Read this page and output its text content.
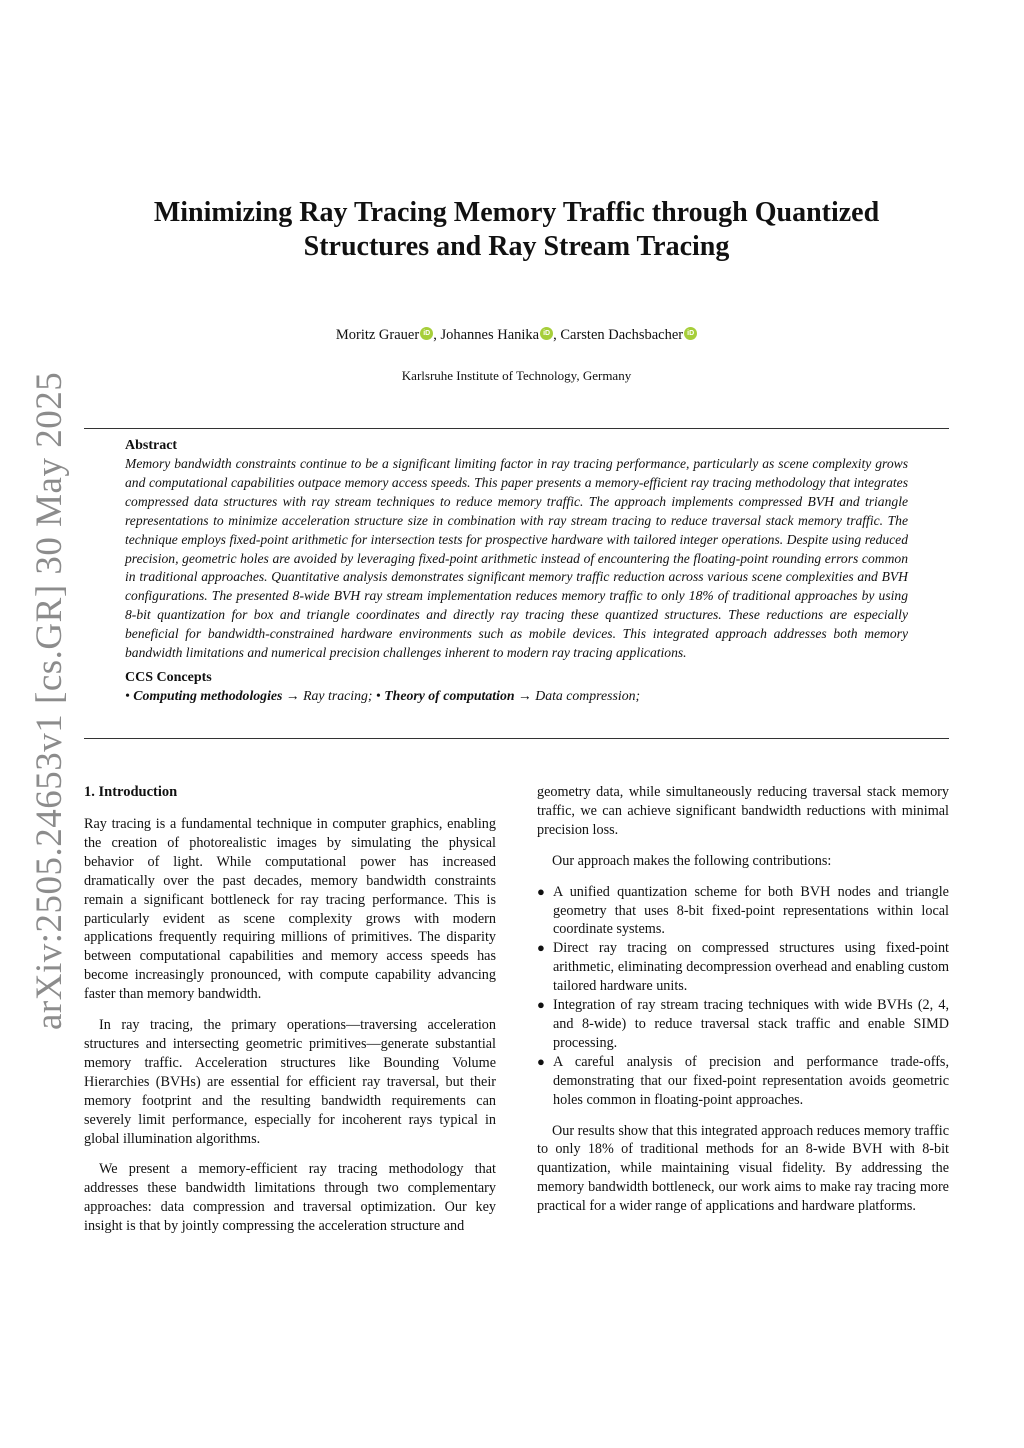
arXiv:2505.24653v1 [cs.GR] 30 May 2025
Minimizing Ray Tracing Memory Traffic through Quantized
Structures and Ray Stream Tracing
Moritz Grauer iD , Johannes Hanika iD , Carsten Dachsbacher iD
Karlsruhe Institute of Technology, Germany
Abstract

Memory bandwidth constraints continue to be a significant limiting factor in ray tracing performance, particularly as scene complexity grows and computational capabilities outpace memory access speeds. This paper presents a memory-efficient ray tracing methodology that integrates compressed data structures with ray stream techniques to reduce memory traffic. The approach implements compressed BVH and triangle representations to minimize acceleration structure size in combination with ray stream tracing to reduce traversal stack memory traffic. The technique employs fixed-point arithmetic for intersection tests for prospective hardware with tailored integer operations. Despite using reduced precision, geometric holes are avoided by leveraging fixed-point arithmetic instead of encountering the floating-point rounding errors common in traditional approaches. Quantitative analysis demonstrates significant memory traffic reduction across various scene complexities and BVH configurations. The presented 8-wide BVH ray stream implementation reduces memory traffic to only 18% of traditional approaches by using 8-bit quantization for box and triangle coordinates and directly ray tracing these quantized structures. These reductions are especially beneficial for bandwidth-constrained hardware environments such as mobile devices. This integrated approach addresses both memory bandwidth limitations and numerical precision challenges inherent to modern ray tracing applications.

CCS Concepts
• Computing methodologies → Ray tracing; • Theory of computation → Data compression;
1. Introduction

Ray tracing is a fundamental technique in computer graphics, enabling the creation of photorealistic images by simulating the physical behavior of light. While computational power has increased dramatically over the past decades, memory bandwidth constraints remain a significant bottleneck for ray tracing performance. This is particularly evident as scene complexity grows with modern applications frequently requiring millions of primitives. The disparity between computational capabilities and memory access speeds has become increasingly pronounced, with compute capability advancing faster than memory bandwidth.

In ray tracing, the primary operations—traversing acceleration structures and intersecting geometric primitives—generate substantial memory traffic. Acceleration structures like Bounding Volume Hierarchies (BVHs) are essential for efficient ray traversal, but their memory footprint and the resulting bandwidth requirements can severely limit performance, especially for incoherent rays typical in global illumination algorithms.

We present a memory-efficient ray tracing methodology that addresses these bandwidth limitations through two complementary approaches: data compression and traversal optimization. Our key insight is that by jointly compressing the acceleration structure and

geometry data, while simultaneously reducing traversal stack memory traffic, we can achieve significant bandwidth reductions with minimal precision loss.

Our approach makes the following contributions:

● A unified quantization scheme for both BVH nodes and triangle geometry that uses 8-bit fixed-point representations within local coordinate systems.
● Direct ray tracing on compressed structures using fixed-point arithmetic, eliminating decompression overhead and enabling custom tailored hardware units.
● Integration of ray stream tracing techniques with wide BVHs (2, 4, and 8-wide) to reduce traversal stack traffic and enable SIMD processing.
● A careful analysis of precision and performance trade-offs, demonstrating that our fixed-point representation avoids geometric holes common in floating-point approaches.

Our results show that this integrated approach reduces memory traffic to only 18% of traditional methods for an 8-wide BVH with 8-bit quantization, while maintaining visual fidelity. By addressing the memory bandwidth bottleneck, our work aims to make ray tracing more practical for a wider range of applications and hardware platforms.
